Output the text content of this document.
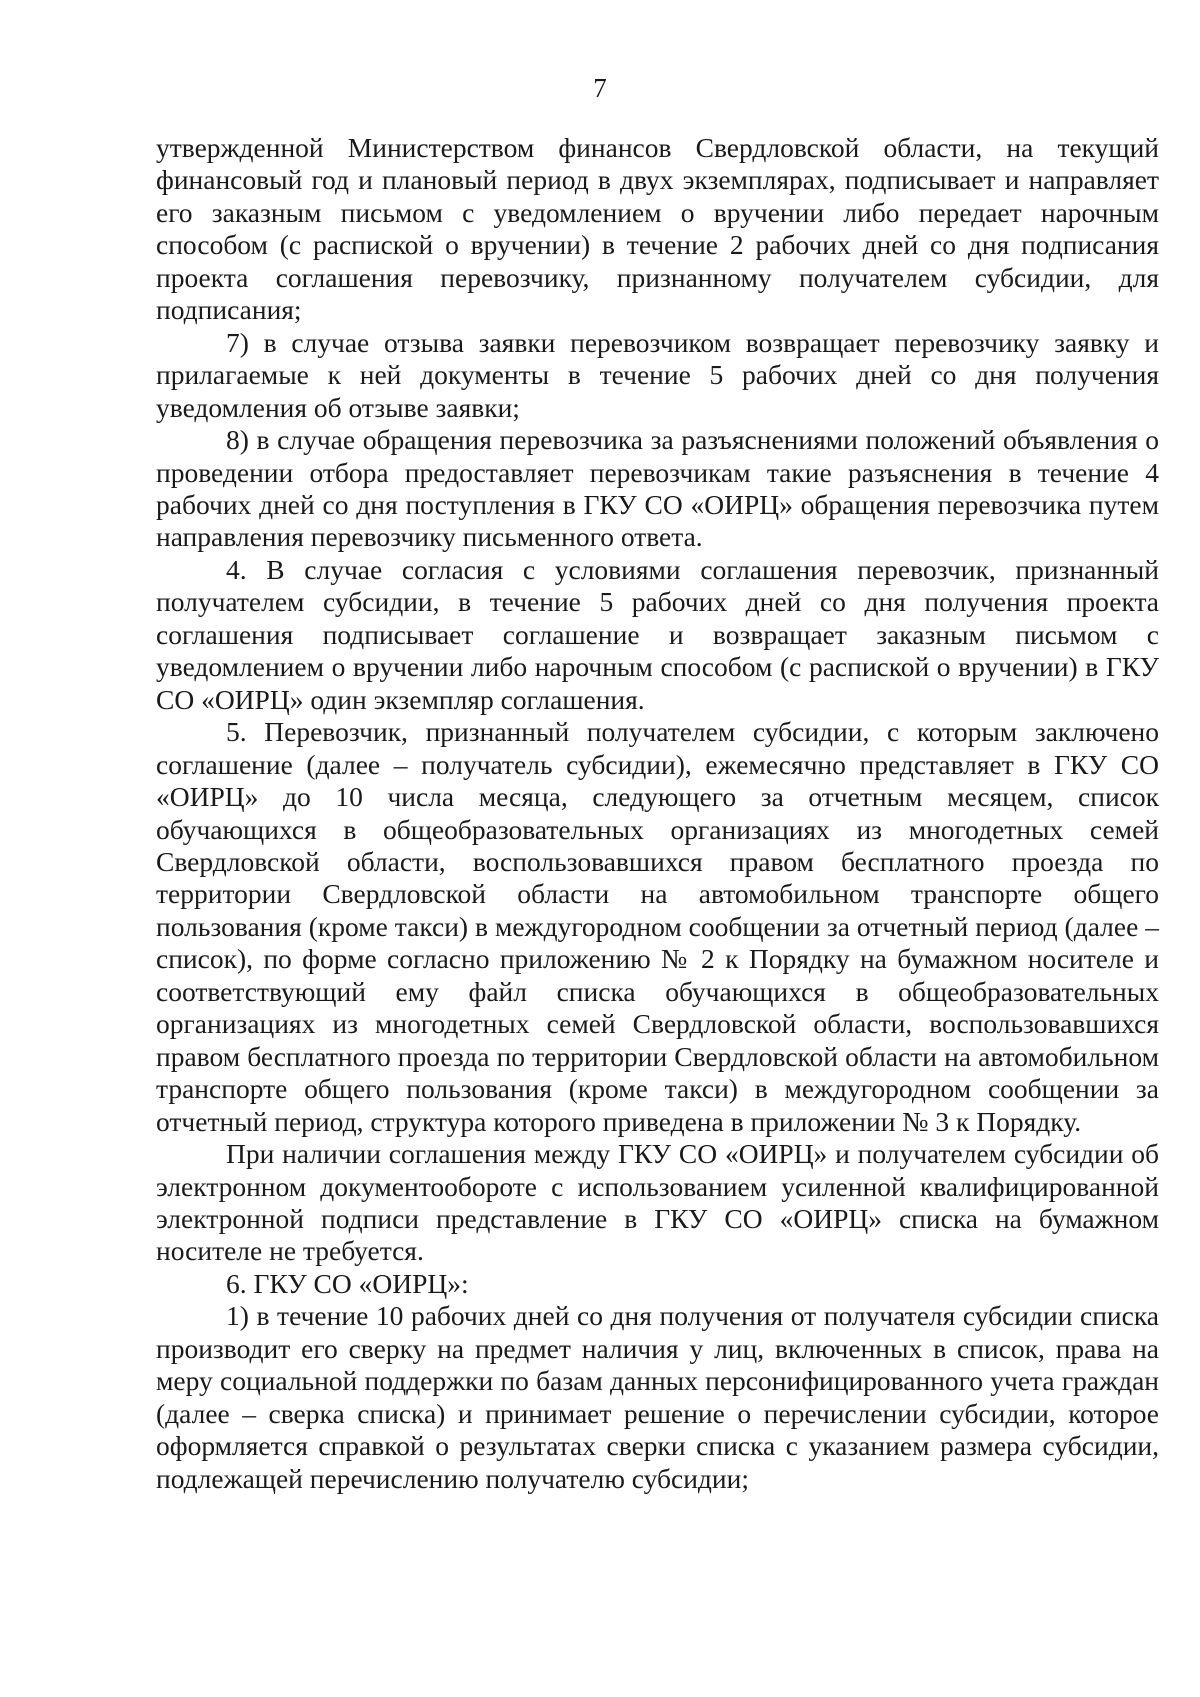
7

утвержденной Министерством финансов Свердловской области, на текущий финансовый год и плановый период в двух экземплярах, подписывает и направляет его заказным письмом с уведомлением о вручении либо передает нарочным способом (с распиской о вручении) в течение 2 рабочих дней со дня подписания проекта соглашения перевозчику, признанному получателем субсидии, для подписания;

7) в случае отзыва заявки перевозчиком возвращает перевозчику заявку и прилагаемые к ней документы в течение 5 рабочих дней со дня получения уведомления об отзыве заявки;

8) в случае обращения перевозчика за разъяснениями положений объявления о проведении отбора предоставляет перевозчикам такие разъяснения в течение 4 рабочих дней со дня поступления в ГКУ СО «ОИРЦ» обращения перевозчика путем направления перевозчику письменного ответа.

4. В случае согласия с условиями соглашения перевозчик, признанный получателем субсидии, в течение 5 рабочих дней со дня получения проекта соглашения подписывает соглашение и возвращает заказным письмом с уведомлением о вручении либо нарочным способом (с распиской о вручении) в ГКУ СО «ОИРЦ» один экземпляр соглашения.

5. Перевозчик, признанный получателем субсидии, с которым заключено соглашение (далее – получатель субсидии), ежемесячно представляет в ГКУ СО «ОИРЦ» до 10 числа месяца, следующего за отчетным месяцем, список обучающихся в общеобразовательных организациях из многодетных семей Свердловской области, воспользовавшихся правом бесплатного проезда по территории Свердловской области на автомобильном транспорте общего пользования (кроме такси) в междугородном сообщении за отчетный период (далее – список), по форме согласно приложению № 2 к Порядку на бумажном носителе и соответствующий ему файл списка обучающихся в общеобразовательных организациях из многодетных семей Свердловской области, воспользовавшихся правом бесплатного проезда по территории Свердловской области на автомобильном транспорте общего пользования (кроме такси) в междугородном сообщении за отчетный период, структура которого приведена в приложении № 3 к Порядку.

При наличии соглашения между ГКУ СО «ОИРЦ» и получателем субсидии об электронном документообороте с использованием усиленной квалифицированной электронной подписи представление в ГКУ СО «ОИРЦ» списка на бумажном носителе не требуется.

6. ГКУ СО «ОИРЦ»:

1) в течение 10 рабочих дней со дня получения от получателя субсидии списка производит его сверку на предмет наличия у лиц, включенных в список, права на меру социальной поддержки по базам данных персонифицированного учета граждан (далее – сверка списка) и принимает решение о перечислении субсидии, которое оформляется справкой о результатах сверки списка с указанием размера субсидии, подлежащей перечислению получателю субсидии;
